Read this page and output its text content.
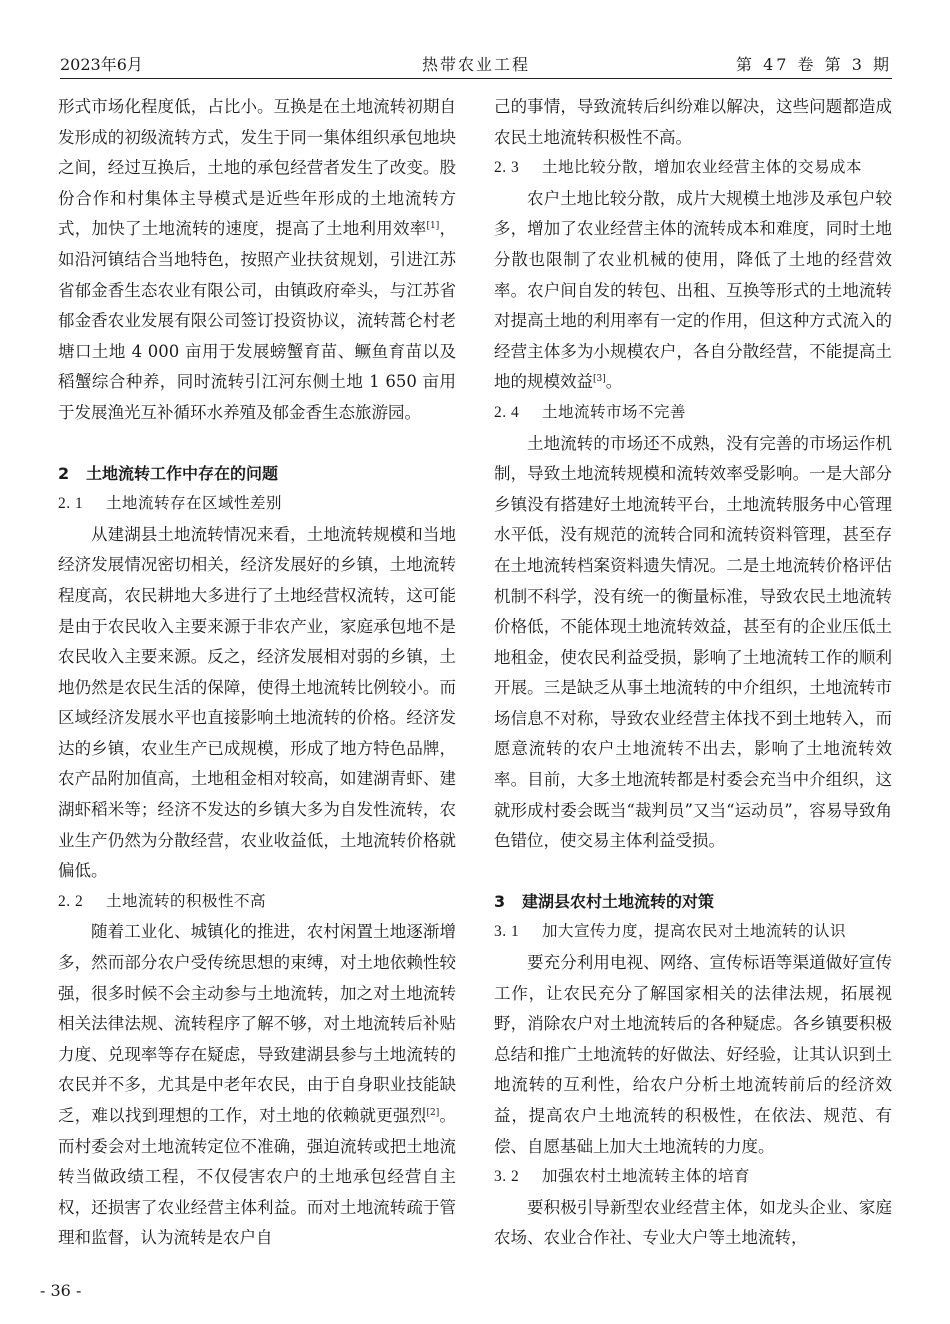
2023年6月	热带农业工程	第 47 卷 第 3 期

形式市场化程度低，占比小。互换是在土地流转初期自发形成的初级流转方式，发生于同一集体组织承包地块之间，经过互换后，土地的承包经营者发生了改变。股份合作和村集体主导模式是近些年形成的土地流转方式，加快了土地流转的速度，提高了土地利用效率[1]，如沿河镇结合当地特色，按照产业扶贫规划，引进江苏省郁金香生态农业有限公司，由镇政府牵头，与江苏省郁金香农业发展有限公司签订投资协议，流转蒿仑村老塘口土地 4 000 亩用于发展螃蟹育苗、鳜鱼育苗以及稻蟹综合种养，同时流转引江河东侧土地 1 650 亩用于发展渔光互补循环水养殖及郁金香生态旅游园。

2 土地流转工作中存在的问题

2. 1 土地流转存在区域性差别

从建湖县土地流转情况来看，土地流转规模和当地经济发展情况密切相关，经济发展好的乡镇，土地流转程度高，农民耕地大多进行了土地经营权流转，这可能是由于农民收入主要来源于非农产业，家庭承包地不是农民收入主要来源。反之，经济发展相对弱的乡镇，土地仍然是农民生活的保障，使得土地流转比例较小。而区域经济发展水平也直接影响土地流转的价格。经济发达的乡镇，农业生产已成规模，形成了地方特色品牌，农产品附加值高，土地租金相对较高，如建湖青虾、建湖虾稻米等；经济不发达的乡镇大多为自发性流转，农业生产仍然为分散经营，农业收益低，土地流转价格就偏低。

2. 2 土地流转的积极性不高

随着工业化、城镇化的推进，农村闲置土地逐渐增多，然而部分农户受传统思想的束缚，对土地依赖性较强，很多时候不会主动参与土地流转，加之对土地流转相关法律法规、流转程序了解不够，对土地流转后补贴力度、兑现率等存在疑虑，导致建湖县参与土地流转的农民并不多，尤其是中老年农民，由于自身职业技能缺乏，难以找到理想的工作，对土地的依赖就更强烈[2]。而村委会对土地流转定位不准确，强迫流转或把土地流转当做政绩工程，不仅侵害农户的土地承包经营自主权，还损害了农业经营主体利益。而对土地流转疏于管理和监督，认为流转是农户自

己的事情，导致流转后纠纷难以解决，这些问题都造成农民土地流转积极性不高。

2. 3 土地比较分散，增加农业经营主体的交易成本

农户土地比较分散，成片大规模土地涉及承包户较多，增加了农业经营主体的流转成本和难度，同时土地分散也限制了农业机械的使用，降低了土地的经营效率。农户间自发的转包、出租、互换等形式的土地流转对提高土地的利用率有一定的作用，但这种方式流入的经营主体多为小规模农户，各自分散经营，不能提高土地的规模效益[3]。

2. 4 土地流转市场不完善

土地流转的市场还不成熟，没有完善的市场运作机制，导致土地流转规模和流转效率受影响。一是大部分乡镇没有搭建好土地流转平台，土地流转服务中心管理水平低，没有规范的流转合同和流转资料管理，甚至存在土地流转档案资料遗失情况。二是土地流转价格评估机制不科学，没有统一的衡量标准，导致农民土地流转价格低，不能体现土地流转效益，甚至有的企业压低土地租金，使农民利益受损，影响了土地流转工作的顺利开展。三是缺乏从事土地流转的中介组织，土地流转市场信息不对称，导致农业经营主体找不到土地转入，而愿意流转的农户土地流转不出去，影响了土地流转效率。目前，大多土地流转都是村委会充当中介组织，这就形成村委会既当“裁判员”又当“运动员”，容易导致角色错位，使交易主体利益受损。

3 建湖县农村土地流转的对策

3. 1 加大宣传力度，提高农民对土地流转的认识

要充分利用电视、网络、宣传标语等渠道做好宣传工作，让农民充分了解国家相关的法律法规，拓展视野，消除农户对土地流转后的各种疑虑。各乡镇要积极总结和推广土地流转的好做法、好经验，让其认识到土地流转的互利性，给农户分析土地流转前后的经济效益，提高农户土地流转的积极性，在依法、规范、有偿、自愿基础上加大土地流转的力度。

3. 2 加强农村土地流转主体的培育

要积极引导新型农业经营主体，如龙头企业、家庭农场、农业合作社、专业大户等土地流转，

- 36 -
